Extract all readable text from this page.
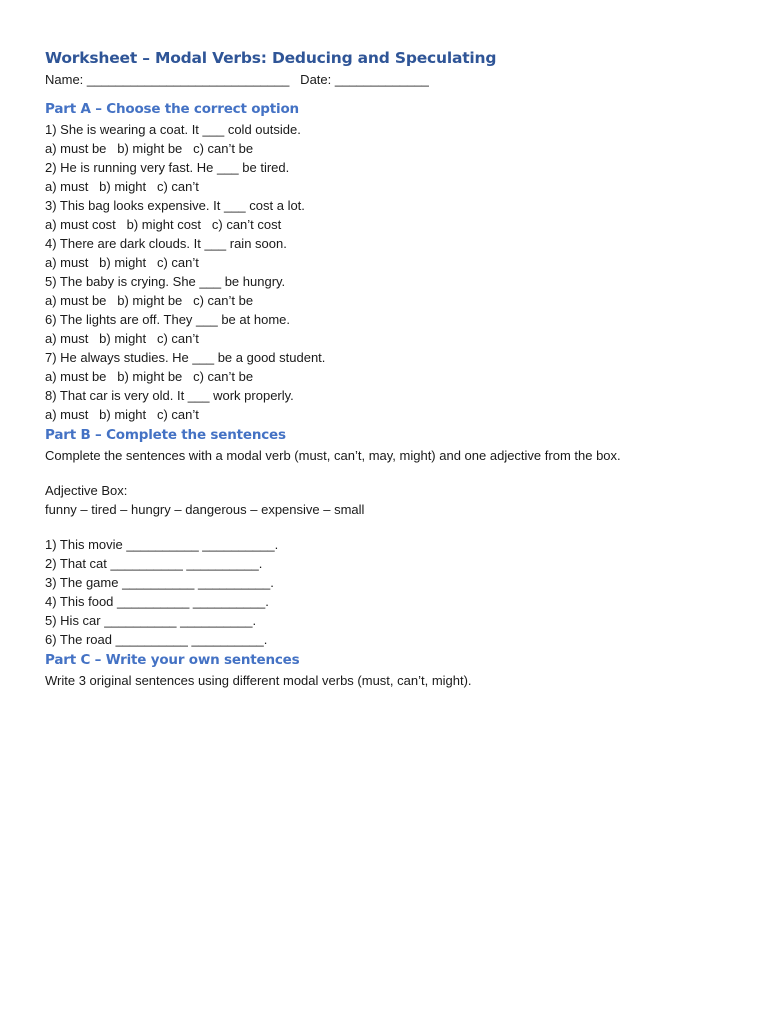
Worksheet – Modal Verbs: Deducing and Speculating

Name: ____________________________   Date: _____________

Part A – Choose the correct option

1) She is wearing a coat. It ___ cold outside.

a) must be   b) might be   c) can’t be

2) He is running very fast. He ___ be tired.

a) must   b) might   c) can’t

3) This bag looks expensive. It ___ cost a lot.

a) must cost   b) might cost   c) can’t cost

4) There are dark clouds. It ___ rain soon.

a) must   b) might   c) can’t

5) The baby is crying. She ___ be hungry.

a) must be   b) might be   c) can’t be

6) The lights are off. They ___ be at home.

a) must   b) might   c) can’t

7) He always studies. He ___ be a good student.

a) must be   b) might be   c) can’t be

8) That car is very old. It ___ work properly.

a) must   b) might   c) can’t

Part B – Complete the sentences

Complete the sentences with a modal verb (must, can’t, may, might) and one adjective from the box.

Adjective Box:

funny – tired – hungry – dangerous – expensive – small

1) This movie __________ __________.

2) That cat __________ __________.

3) The game __________ __________.

4) This food __________ __________.

5) His car __________ __________.

6) The road __________ __________.

Part C – Write your own sentences

Write 3 original sentences using different modal verbs (must, can’t, might).
